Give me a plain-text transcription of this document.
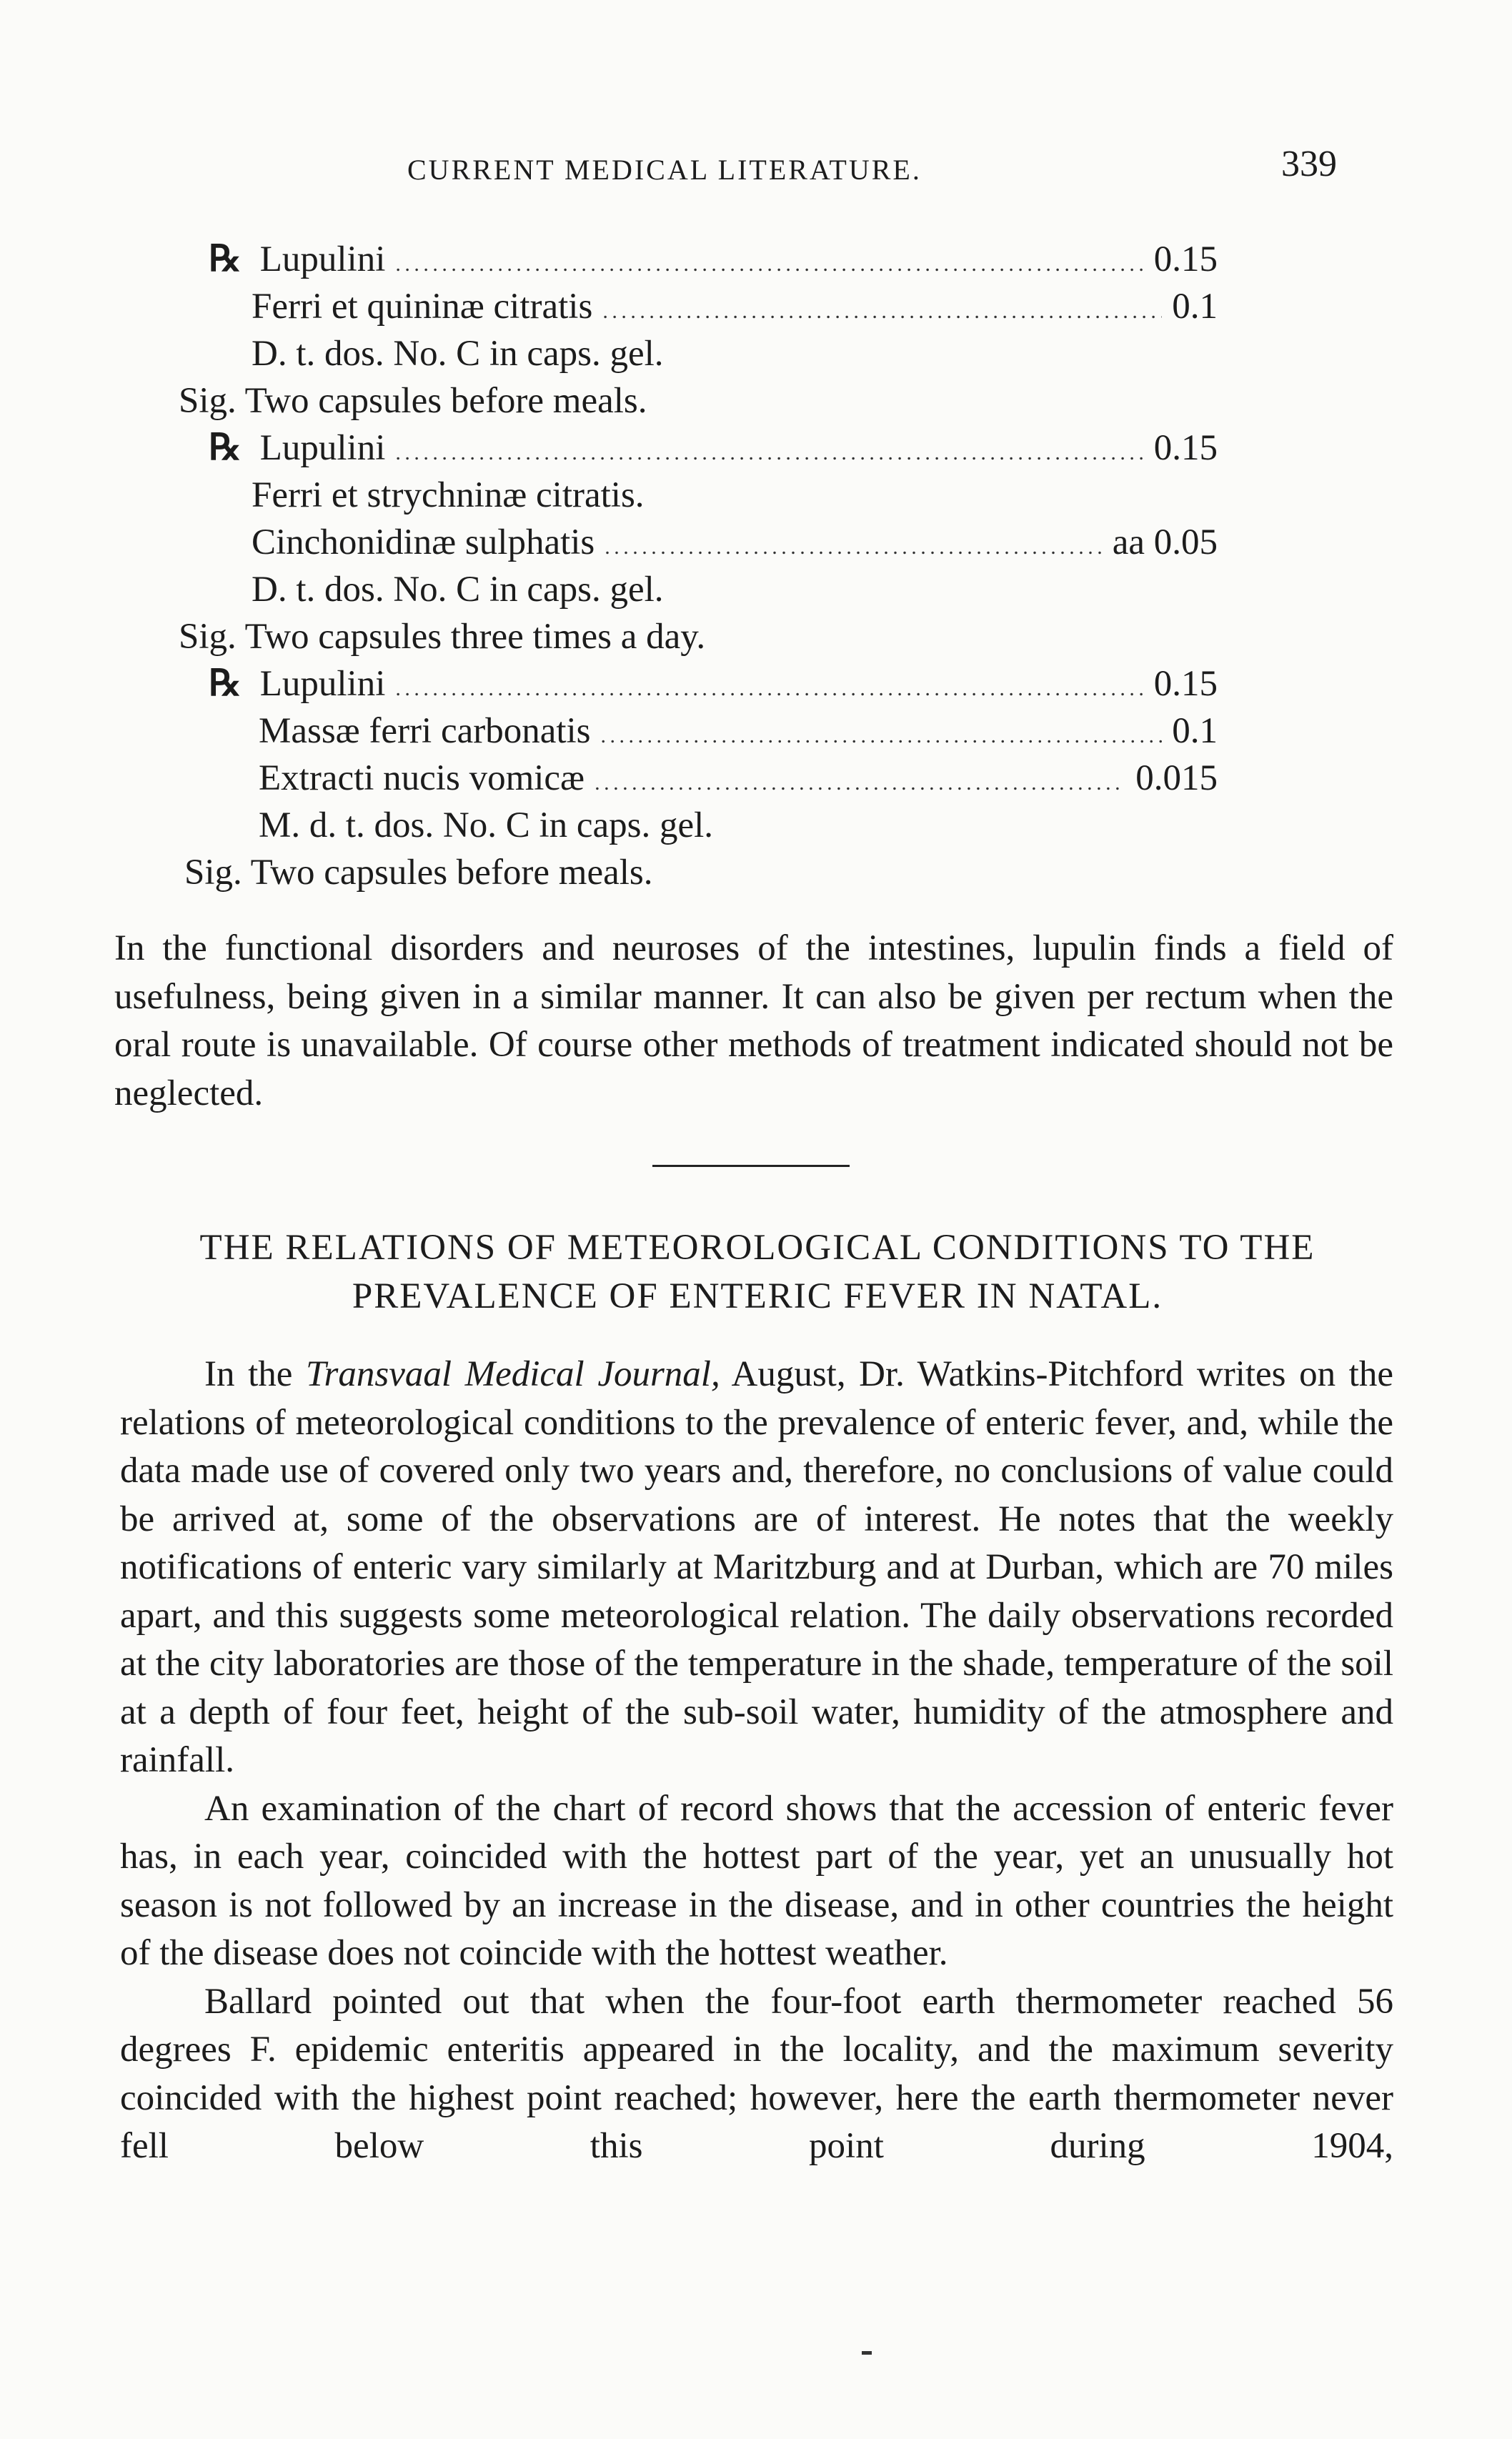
CURRENT MEDICAL LITERATURE.	339
℞ Lupulini . . .	0.15
Ferri et quininæ citratis . . .	0.1
D. t. dos. No. C in caps. gel.
Sig. Two capsules before meals.
℞ Lupulini . . .	0.15
Ferri et strychninæ citratis.
Cinchonidinæ sulphatis . . .	aa 0.05
D. t. dos. No. C in caps. gel.
Sig. Two capsules three times a day.
℞ Lupulini . . .	0.15
Massæ ferri carbonatis . . .	0.1
Extracti nucis vomicæ . . .	0.015
M. d. t. dos. No. C in caps. gel.
Sig. Two capsules before meals.

In the functional disorders and neuroses of the intestines, lupulin finds a field of usefulness, being given in a similar manner. It can also be given per rectum when the oral route is unavailable. Of course other methods of treatment indicated should not be neglected.

THE RELATIONS OF METEOROLOGICAL CONDITIONS TO THE
PREVALENCE OF ENTERIC FEVER IN NATAL.

In the Transvaal Medical Journal, August, Dr. Watkins-Pitchford writes on the relations of meteorological conditions to the prevalence of enteric fever, and, while the data made use of covered only two years and, therefore, no conclusions of value could be arrived at, some of the observations are of interest. He notes that the weekly notifications of enteric vary similarly at Maritzburg and at Durban, which are 70 miles apart, and this suggests some meteorological relation. The daily observations recorded at the city laboratories are those of the temperature in the shade, temperature of the soil at a depth of four feet, height of the sub-soil water, humidity of the atmosphere and rainfall.

An examination of the chart of record shows that the accession of enteric fever has, in each year, coincided with the hottest part of the year, yet an unusually hot season is not followed by an increase in the disease, and in other countries the height of the disease does not coincide with the hottest weather.

Ballard pointed out that when the four-foot earth thermometer reached 56 degrees F. epidemic enteritis appeared in the locality, and the maximum severity coincided with the highest point reached; however, here the earth thermometer never fell below this point during 1904,
